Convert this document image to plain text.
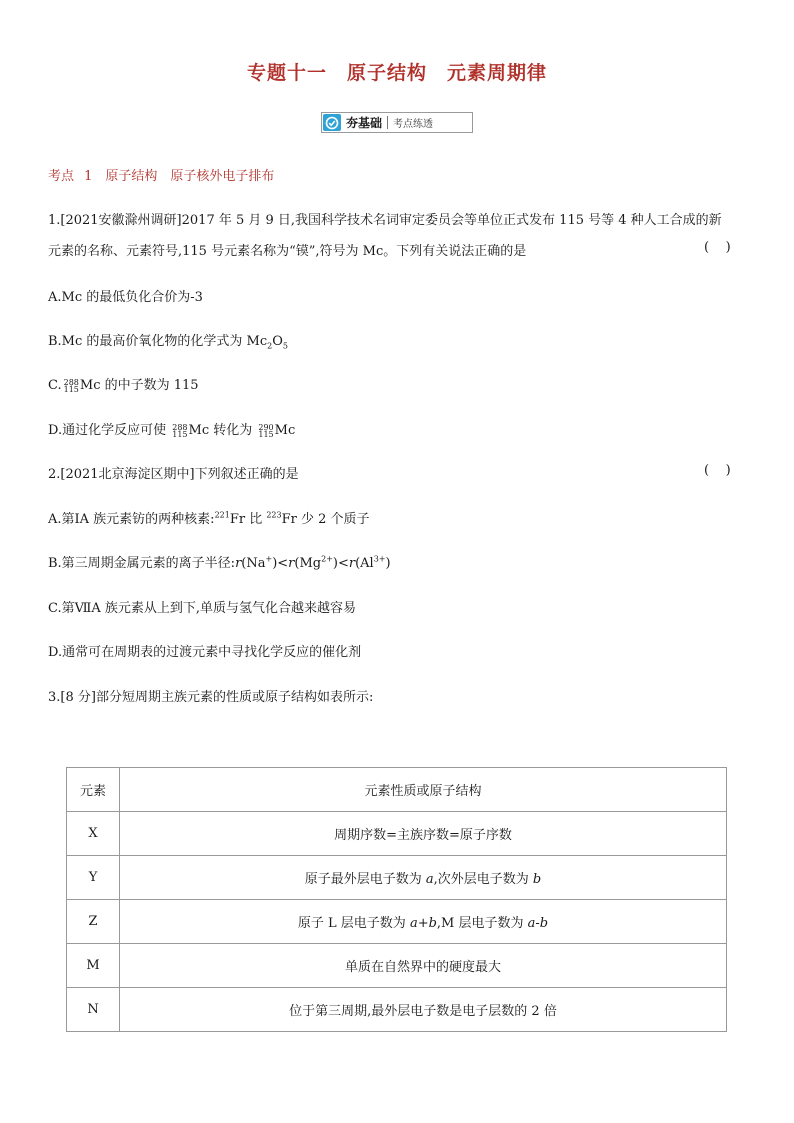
专题十一　原子结构　元素周期律
夯基础 考点练透
考点 1　原子结构　原子核外电子排布
1.[2021安徽滁州调研]2017 年 5 月 9 日,我国科学技术名词审定委员会等单位正式发布 115 号等 4 种人工合成的新
元素的名称、元素符号,115 号元素名称为“镆”,符号为 Mc。下列有关说法正确的是	(    )
A.Mc 的最低负化合价为-3
B.Mc 的最高价氧化物的化学式为 $Mc_2O_5$
C. 288
115 Mc 的中子数为 115
D.通过化学反应可使 288
115 Mc 转化为 290
115 Mc
2.[2021北京海淀区期中]下列叙述正确的是	(    )
A.第ⅠA 族元素钫的两种核素:$^{221}$Fr 比 $^{223}$Fr 少 2 个质子
B.第三周期金属元素的离子半径$:r(Na^+)<r(Mg^{2+})<r(Al^{3+})$
C.第ⅦA 族元素从上到下,单质与氢气化合越来越容易
D.通常可在周期表的过渡元素中寻找化学反应的催化剂
3.[8 分]部分短周期主族元素的性质或原子结构如表所示:
元素	元素性质或原子结构
X	周期序数=主族序数=原子序数
Y	原子最外层电子数为 a,次外层电子数为 b
Z	原子 L 层电子数为 a+b,M 层电子数为 a-b
M	单质在自然界中的硬度最大
N	位于第三周期,最外层电子数是电子层数的 2 倍
